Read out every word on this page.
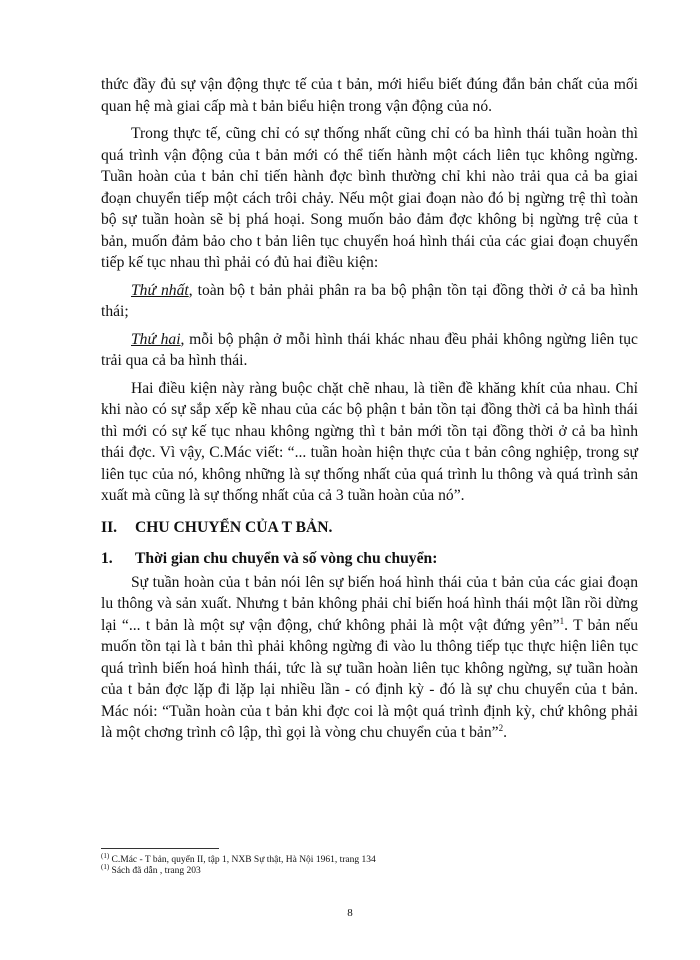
thức đầy đủ sự vận động thực tế của t bản, mới hiểu biết đúng đắn bản chất của mối quan hệ mà giai cấp mà t bản biểu hiện trong vận động của nó.

Trong thực tế, cũng chỉ có sự thống nhất cũng chỉ có ba hình thái tuần hoàn thì quá trình vận động của t bản mới có thể tiến hành một cách liên tục không ngừng. Tuần hoàn của t bản chỉ tiến hành đợc bình thường chỉ khi nào trải qua cả ba giai đoạn chuyển tiếp một cách trôi chảy. Nếu một giai đoạn nào đó bị ngừng trệ thì toàn bộ sự tuần hoàn sẽ bị phá hoại. Song muốn bảo đảm đợc không bị ngừng trệ của t bản, muốn đảm bảo cho t bản liên tục chuyển hoá hình thái của các giai đoạn chuyển tiếp kế tục nhau thì phải có đủ hai điều kiện:

Thứ nhất, toàn bộ t bản phải phân ra ba bộ phận tồn tại đồng thời ở cả ba hình thái;

Thứ hai, mỗi bộ phận ở mỗi hình thái khác nhau đều phải không ngừng liên tục trải qua cả ba hình thái.

Hai điều kiện này ràng buộc chặt chẽ nhau, là tiền đề khăng khít của nhau. Chỉ khi nào có sự sắp xếp kề nhau của các bộ phận t bản tồn tại đồng thời cả ba hình thái thì mới có sự kế tục nhau không ngừng thì t bản mới tồn tại đồng thời ở cả ba hình thái đợc. Vì vậy, C.Mác viết: “... tuần hoàn hiện thực của t bản công nghiệp, trong sự liên tục của nó, không những là sự thống nhất của quá trình lu thông và quá trình sản xuất mà cũng là sự thống nhất của cả 3 tuần hoàn của nó”.

II. CHU CHUYỂN CỦA T BẢN.

1. Thời gian chu chuyển và số vòng chu chuyển:

Sự tuần hoàn của t bản nói lên sự biến hoá hình thái của t bản của các giai đoạn lu thông và sản xuất. Nhưng t bản không phải chỉ biến hoá hình thái một lần rồi dừng lại “... t bản là một sự vận động, chứ không phải là một vật đứng yên”$^1$. T bản nếu muốn tồn tại là t bản thì phải không ngừng đi vào lu thông tiếp tục thực hiện liên tục quá trình biến hoá hình thái, tức là sự tuần hoàn liên tục không ngừng, sự tuần hoàn của t bản đợc lặp đi lặp lại nhiều lần - có định kỳ - đó là sự chu chuyển của t bản. Mác nói: “Tuần hoàn của t bản khi đợc coi là một quá trình định kỳ, chứ không phải là một chơng trình cô lập, thì gọi là vòng chu chuyển của t bản”$^2$.

$^{(1)}$ C.Mác - T bản, quyển II, tập 1, NXB Sự thật, Hà Nội 1961, trang 134
$^{(1)}$ Sách đã dẫn , trang 203
8
